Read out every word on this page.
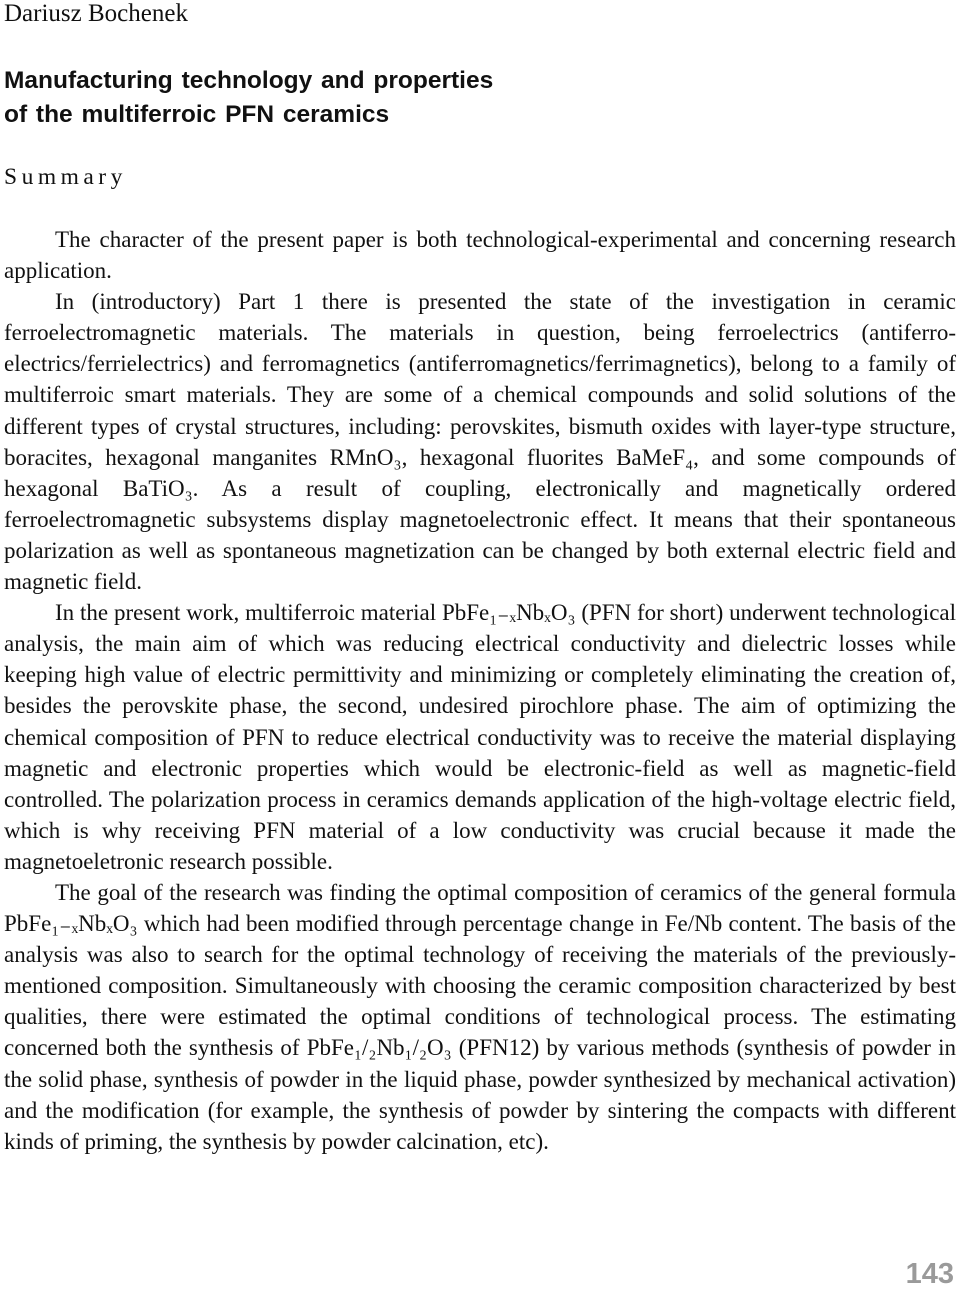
Dariusz Bochenek
Manufacturing technology and properties
of the multiferroic PFN ceramics
Summary

The character of the present paper is both technological-experimental and concerning research application.

In (introductory) Part 1 there is presented the state of the investigation in ceramic ferroelectromagnetic materials. The materials in question, being ferroelectrics (antiferroelectrics/ferrielectrics) and ferromagnetics (antiferromagnetics/ferrimagnetics), belong to a family of multiferroic smart materials. They are some of a chemical compounds and solid solutions of the different types of crystal structures, including: perovskites, bismuth oxides with layer-type structure, boracites, hexagonal manganites RMnO₃, hexagonal fluorites BaMeF₄, and some compounds of hexagonal BaTiO₃. As a result of coupling, electronically and magnetically ordered ferroelectromagnetic subsystems display magnetoelectronic effect. It means that their spontaneous polarization as well as spontaneous magnetization can be changed by both external electric field and magnetic field.

In the present work, multiferroic material PbFe₁₋ₓNbₓO₃ (PFN for short) underwent technological analysis, the main aim of which was reducing electrical conductivity and dielectric losses while keeping high value of electric permittivity and minimizing or completely eliminating the creation of, besides the perovskite phase, the second, undesired pirochlore phase. The aim of optimizing the chemical composition of PFN to reduce electrical conductivity was to receive the material displaying magnetic and electronic properties which would be electronic-field as well as magnetic-field controlled. The polarization process in ceramics demands application of the high-voltage electric field, which is why receiving PFN material of a low conductivity was crucial because it made the magnetoeletronic research possible.

The goal of the research was finding the optimal composition of ceramics of the general formula PbFe₁₋ₓNbₓO₃ which had been modified through percentage change in Fe/Nb content. The basis of the analysis was also to search for the optimal technology of receiving the materials of the previously-mentioned composition. Simultaneously with choosing the ceramic composition characterized by best qualities, there were estimated the optimal conditions of technological process. The estimating concerned both the synthesis of PbFe₁/₂Nb₁/₂O₃ (PFN12) by various methods (synthesis of powder in the solid phase, synthesis of powder in the liquid phase, powder synthesized by mechanical activation) and the modification (for example, the synthesis of powder by sintering the compacts with different kinds of priming, the synthesis by powder calcination, etc).

143
